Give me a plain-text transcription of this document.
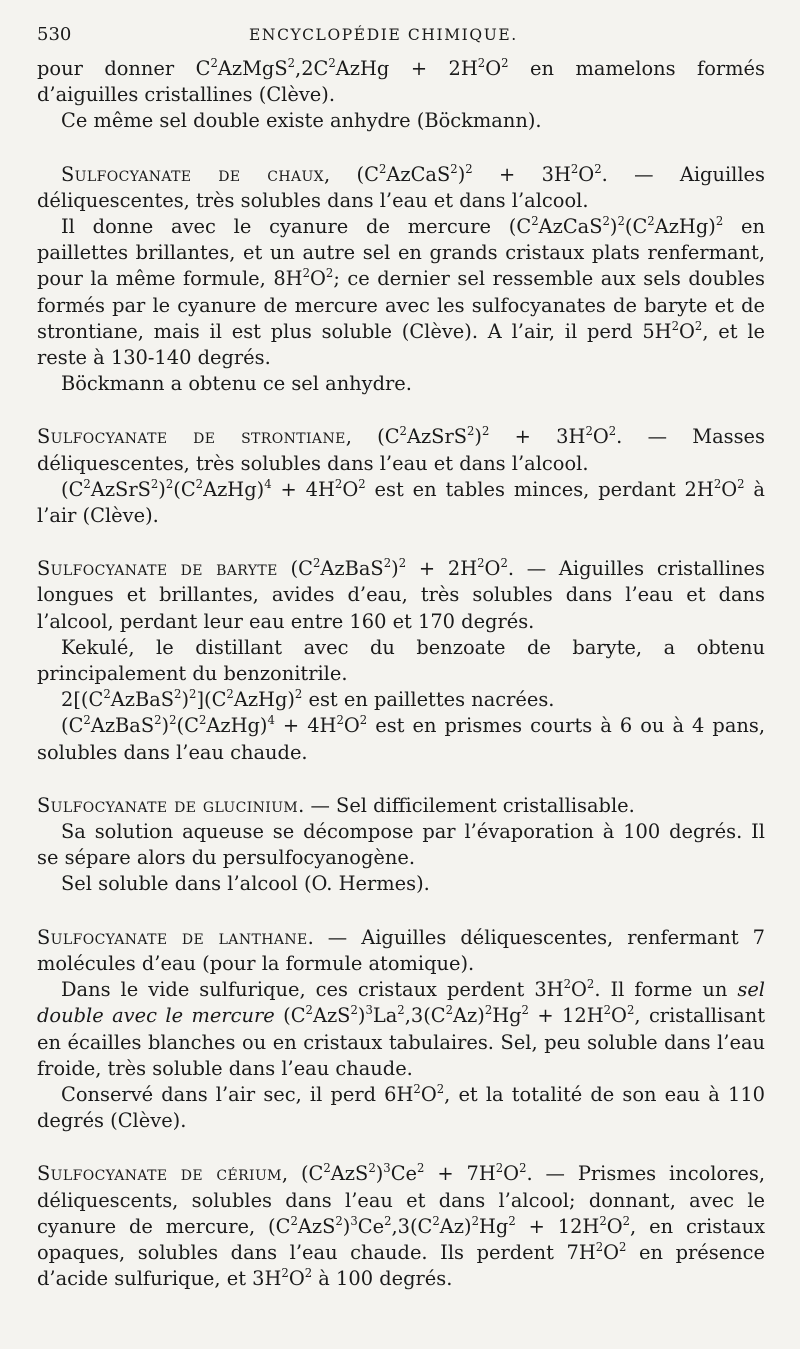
530	ENCYCLOPÉDIE CHIMIQUE.

pour donner $C^2AzMgS^2,2C^2AzHg + 2H^2O^2$ en mamelons formés d’aiguilles cristallines (Clève).

Ce même sel double existe anhydre (Böckmann).

Sulfocyanate de chaux, $(C^2AzCaS^2)^2 + 3H^2O^2$. — Aiguilles déliquescentes, très solubles dans l’eau et dans l’alcool.

Il donne avec le cyanure de mercure $(C^2AzCaS^2)^2(C^2AzHg)^2$ en paillettes brillantes, et un autre sel en grands cristaux plats renfermant, pour la même formule, $8H^2O^2$; ce dernier sel ressemble aux sels doubles formés par le cyanure de mercure avec les sulfocyanates de baryte et de strontiane, mais il est plus soluble (Clève). A l’air, il perd $5H^2O^2$, et le reste à 130-140 degrés.

Böckmann a obtenu ce sel anhydre.

Sulfocyanate de strontiane, $(C^2AzSrS^2)^2 + 3H^2O^2$. — Masses déliquescentes, très solubles dans l’eau et dans l’alcool.

$(C^2AzSrS^2)^2(C^2AzHg)^4 + 4H^2O^2$ est en tables minces, perdant $2H^2O^2$ à l’air (Clève).

Sulfocyanate de baryte $(C^2AzBaS^2)^2 + 2H^2O^2$. — Aiguilles cristallines longues et brillantes, avides d’eau, très solubles dans l’eau et dans l’alcool, perdant leur eau entre 160 et 170 degrés.

Kekulé, le distillant avec du benzoate de baryte, a obtenu principalement du benzonitrile.

$2[(C^2AzBaS^2)^2](C^2AzHg)^2$ est en paillettes nacrées.

$(C^2AzBaS^2)^2(C^2AzHg)^4 + 4H^2O^2$ est en prismes courts à 6 ou à 4 pans, solubles dans l’eau chaude.

Sulfocyanate de glucinium. — Sel difficilement cristallisable.

Sa solution aqueuse se décompose par l’évaporation à 100 degrés. Il se sépare alors du persulfocyanogène.

Sel soluble dans l’alcool (O. Hermes).

Sulfocyanate de lanthane. — Aiguilles déliquescentes, renfermant 7 molécules d’eau (pour la formule atomique).

Dans le vide sulfurique, ces cristaux perdent $3H^2O^2$. Il forme un sel double avec le mercure $(C^2AzS^2)^3La^2,3(C^2Az)^2Hg^2 + 12H^2O^2$, cristallisant en écailles blanches ou en cristaux tabulaires. Sel, peu soluble dans l’eau froide, très soluble dans l’eau chaude.

Conservé dans l’air sec, il perd $6H^2O^2$, et la totalité de son eau à 110 degrés (Clève).

Sulfocyanate de cérium, $(C^2AzS^2)^3Ce^2 + 7H^2O^2$. — Prismes incolores, déliquescents, solubles dans l’eau et dans l’alcool; donnant, avec le cyanure de mercure, $(C^2AzS^2)^3Ce^2,3(C^2Az)^2Hg^2 + 12H^2O^2$, en cristaux opaques, solubles dans l’eau chaude. Ils perdent $7H^2O^2$ en présence d’acide sulfurique, et $3H^2O^2$ à 100 degrés.
